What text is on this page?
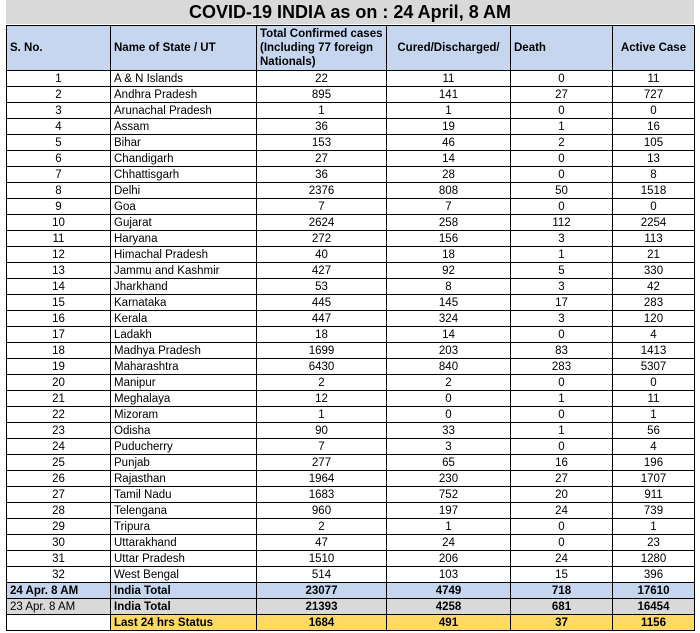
COVID-19 INDIA as on : 24 April, 8 AM
S. No.	Name of State / UT	Total Confirmed cases (Including 77 foreign Nationals)	Cured/Discharged/	Death	Active Case
1	A & N Islands	22	11	0	11
2	Andhra Pradesh	895	141	27	727
3	Arunachal Pradesh	1	1	0	0
4	Assam	36	19	1	16
5	Bihar	153	46	2	105
6	Chandigarh	27	14	0	13
7	Chhattisgarh	36	28	0	8
8	Delhi	2376	808	50	1518
9	Goa	7	7	0	0
10	Gujarat	2624	258	112	2254
11	Haryana	272	156	3	113
12	Himachal Pradesh	40	18	1	21
13	Jammu and Kashmir	427	92	5	330
14	Jharkhand	53	8	3	42
15	Karnataka	445	145	17	283
16	Kerala	447	324	3	120
17	Ladakh	18	14	0	4
18	Madhya Pradesh	1699	203	83	1413
19	Maharashtra	6430	840	283	5307
20	Manipur	2	2	0	0
21	Meghalaya	12	0	1	11
22	Mizoram	1	0	0	1
23	Odisha	90	33	1	56
24	Puducherry	7	3	0	4
25	Punjab	277	65	16	196
26	Rajasthan	1964	230	27	1707
27	Tamil Nadu	1683	752	20	911
28	Telengana	960	197	24	739
29	Tripura	2	1	0	1
30	Uttarakhand	47	24	0	23
31	Uttar Pradesh	1510	206	24	1280
32	West Bengal	514	103	15	396
24 Apr. 8 AM	India Total	23077	4749	718	17610
23 Apr. 8 AM	India Total	21393	4258	681	16454
	Last 24 hrs Status	1684	491	37	1156
